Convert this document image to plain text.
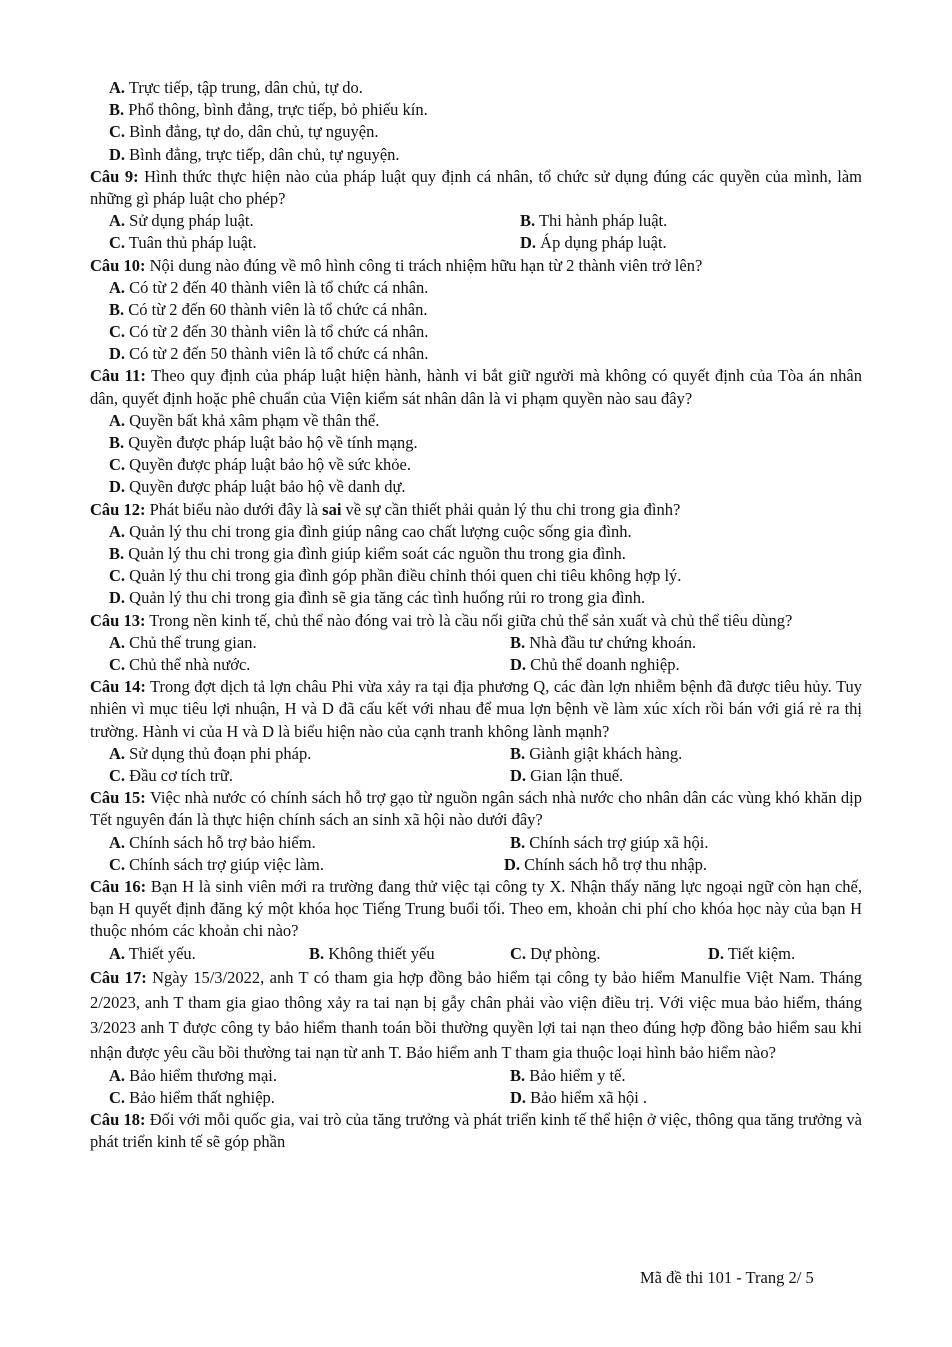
A. Trực tiếp, tập trung, dân chủ, tự do.
B. Phổ thông, bình đẳng, trực tiếp, bỏ phiếu kín.
C. Bình đẳng, tự do, dân chủ, tự nguyện.
D. Bình đẳng, trực tiếp, dân chủ, tự nguyện.
Câu 9: Hình thức thực hiện nào của pháp luật quy định cá nhân, tổ chức sử dụng đúng các quyền của mình, làm những gì pháp luật cho phép?
A. Sử dụng pháp luật.	B. Thi hành pháp luật.
C. Tuân thủ pháp luật.	D. Áp dụng pháp luật.
Câu 10: Nội dung nào đúng về mô hình công ti trách nhiệm hữu hạn từ 2 thành viên trở lên?
A. Có từ 2 đến 40 thành viên là tổ chức cá nhân.
B. Có từ 2 đến 60 thành viên là tổ chức cá nhân.
C. Có từ 2 đến 30 thành viên là tổ chức cá nhân.
D. Có từ 2 đến 50 thành viên là tổ chức cá nhân.
Câu 11: Theo quy định của pháp luật hiện hành, hành vi bắt giữ người mà không có quyết định của Tòa án nhân dân, quyết định hoặc phê chuẩn của Viện kiểm sát nhân dân là vi phạm quyền nào sau đây?
A. Quyền bất khả xâm phạm về thân thể.
B. Quyền được pháp luật bảo hộ về tính mạng.
C. Quyền được pháp luật bảo hộ về sức khỏe.
D. Quyền được pháp luật bảo hộ về danh dự.
Câu 12: Phát biểu nào dưới đây là sai về sự cần thiết phải quản lý thu chi trong gia đình?
A. Quản lý thu chi trong gia đình giúp nâng cao chất lượng cuộc sống gia đình.
B. Quản lý thu chi trong gia đình giúp kiểm soát các nguồn thu trong gia đình.
C. Quản lý thu chi trong gia đình góp phần điều chỉnh thói quen chi tiêu không hợp lý.
D. Quản lý thu chi trong gia đình sẽ gia tăng các tình huống rủi ro trong gia đình.
Câu 13: Trong nền kinh tế, chủ thể nào đóng vai trò là cầu nối giữa chủ thể sản xuất và chủ thể tiêu dùng?
A. Chủ thể trung gian.	B. Nhà đầu tư chứng khoán.
C. Chủ thể nhà nước.	D. Chủ thể doanh nghiệp.
Câu 14: Trong đợt dịch tả lợn châu Phi vừa xảy ra tại địa phương Q, các đàn lợn nhiễm bệnh đã được tiêu hủy. Tuy nhiên vì mục tiêu lợi nhuận, H và D đã cấu kết với nhau để mua lợn bệnh về làm xúc xích rồi bán với giá rẻ ra thị trường. Hành vi của H và D là biểu hiện nào của cạnh tranh không lành mạnh?
A. Sử dụng thủ đoạn phi pháp.	B. Giành giật khách hàng.
C. Đầu cơ tích trữ.	D. Gian lận thuế.
Câu 15: Việc nhà nước có chính sách hỗ trợ gạo từ nguồn ngân sách nhà nước cho nhân dân các vùng khó khăn dịp Tết nguyên đán là thực hiện chính sách an sinh xã hội nào dưới đây?
A. Chính sách hỗ trợ bảo hiểm.	B. Chính sách trợ giúp xã hội.
C. Chính sách trợ giúp việc làm.	D. Chính sách hỗ trợ thu nhập.
Câu 16: Bạn H là sinh viên mới ra trường đang thử việc tại công ty X. Nhận thấy năng lực ngoại ngữ còn hạn chế, bạn H quyết định đăng ký một khóa học Tiếng Trung buổi tối. Theo em, khoản chi phí cho khóa học này của bạn H thuộc nhóm các khoản chi nào?
A. Thiết yếu.	B. Không thiết yếu	C. Dự phòng.	D. Tiết kiệm.
Câu 17: Ngày 15/3/2022, anh T có tham gia hợp đồng bảo hiểm tại công ty bảo hiểm Manulfie Việt Nam. Tháng 2/2023, anh T tham gia giao thông xảy ra tai nạn bị gẫy chân phải vào viện điều trị. Với việc mua bảo hiểm, tháng 3/2023 anh T được công ty bảo hiểm thanh toán bồi thường quyền lợi tai nạn theo đúng hợp đồng bảo hiểm sau khi nhận được yêu cầu bồi thường tai nạn từ anh T. Bảo hiểm anh T tham gia thuộc loại hình bảo hiểm nào?
A. Bảo hiểm thương mại.	B. Bảo hiểm y tế.
C. Bảo hiểm thất nghiệp.	D. Bảo hiểm xã hội .
Câu 18: Đối với mỗi quốc gia, vai trò của tăng trưởng và phát triển kinh tế thể hiện ở việc, thông qua tăng trưởng và phát triển kinh tế sẽ góp phần
Mã đề thi 101 - Trang 2/ 5
